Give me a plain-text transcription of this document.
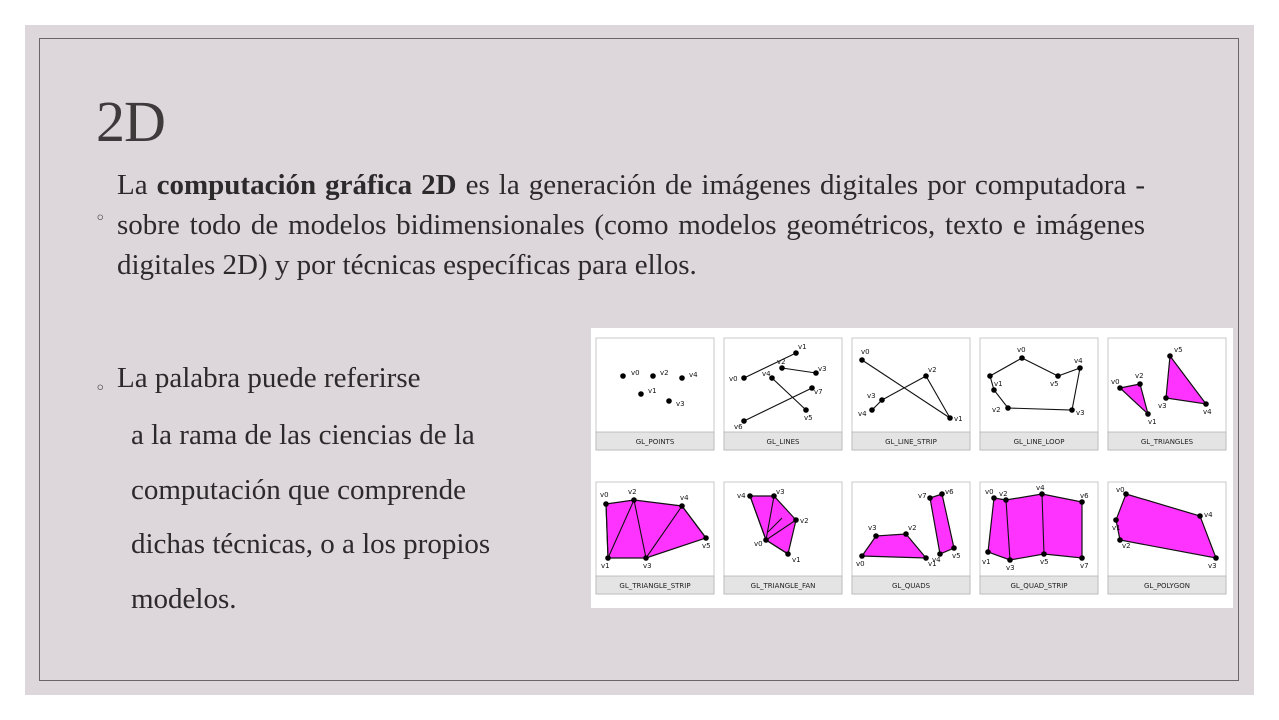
2D
◦
La computación gráfica 2D es la generación de imágenes digitales por computadora - sobre todo de modelos bidimensionales (como modelos geométricos, texto e imágenes digitales 2D) y por técnicas específicas para ellos.
◦ La palabra puede referirse
a la rama de las ciencias de la
computación que comprende
dichas técnicas, o a los propios
modelos.
v0	v2	v4
v1
v3
GL_POINTS
v0
v1
v2
v3
v4
v5
v6
v7
GL_LINES
v0
v1
v2
v3
v4
GL_LINE_STRIP
v0
v5
v4
v3
v2
v1
GL_LINE_LOOP
v0
v2
v1
v5
v3
v4
GL_TRIANGLES
v0	v2
v4
v5
v3
v1
GL_TRIANGLE_STRIP
v4	v3
v2
v1
v0
GL_TRIANGLE_FAN
v0
v3	v2
v1
v7	v6
v5
v4
GL_QUADS
v0 v2
v4
v6
v1
v3
v5	v7
GL_QUAD_STRIP
v0
v4
v3
v2
v1
GL_POLYGON
